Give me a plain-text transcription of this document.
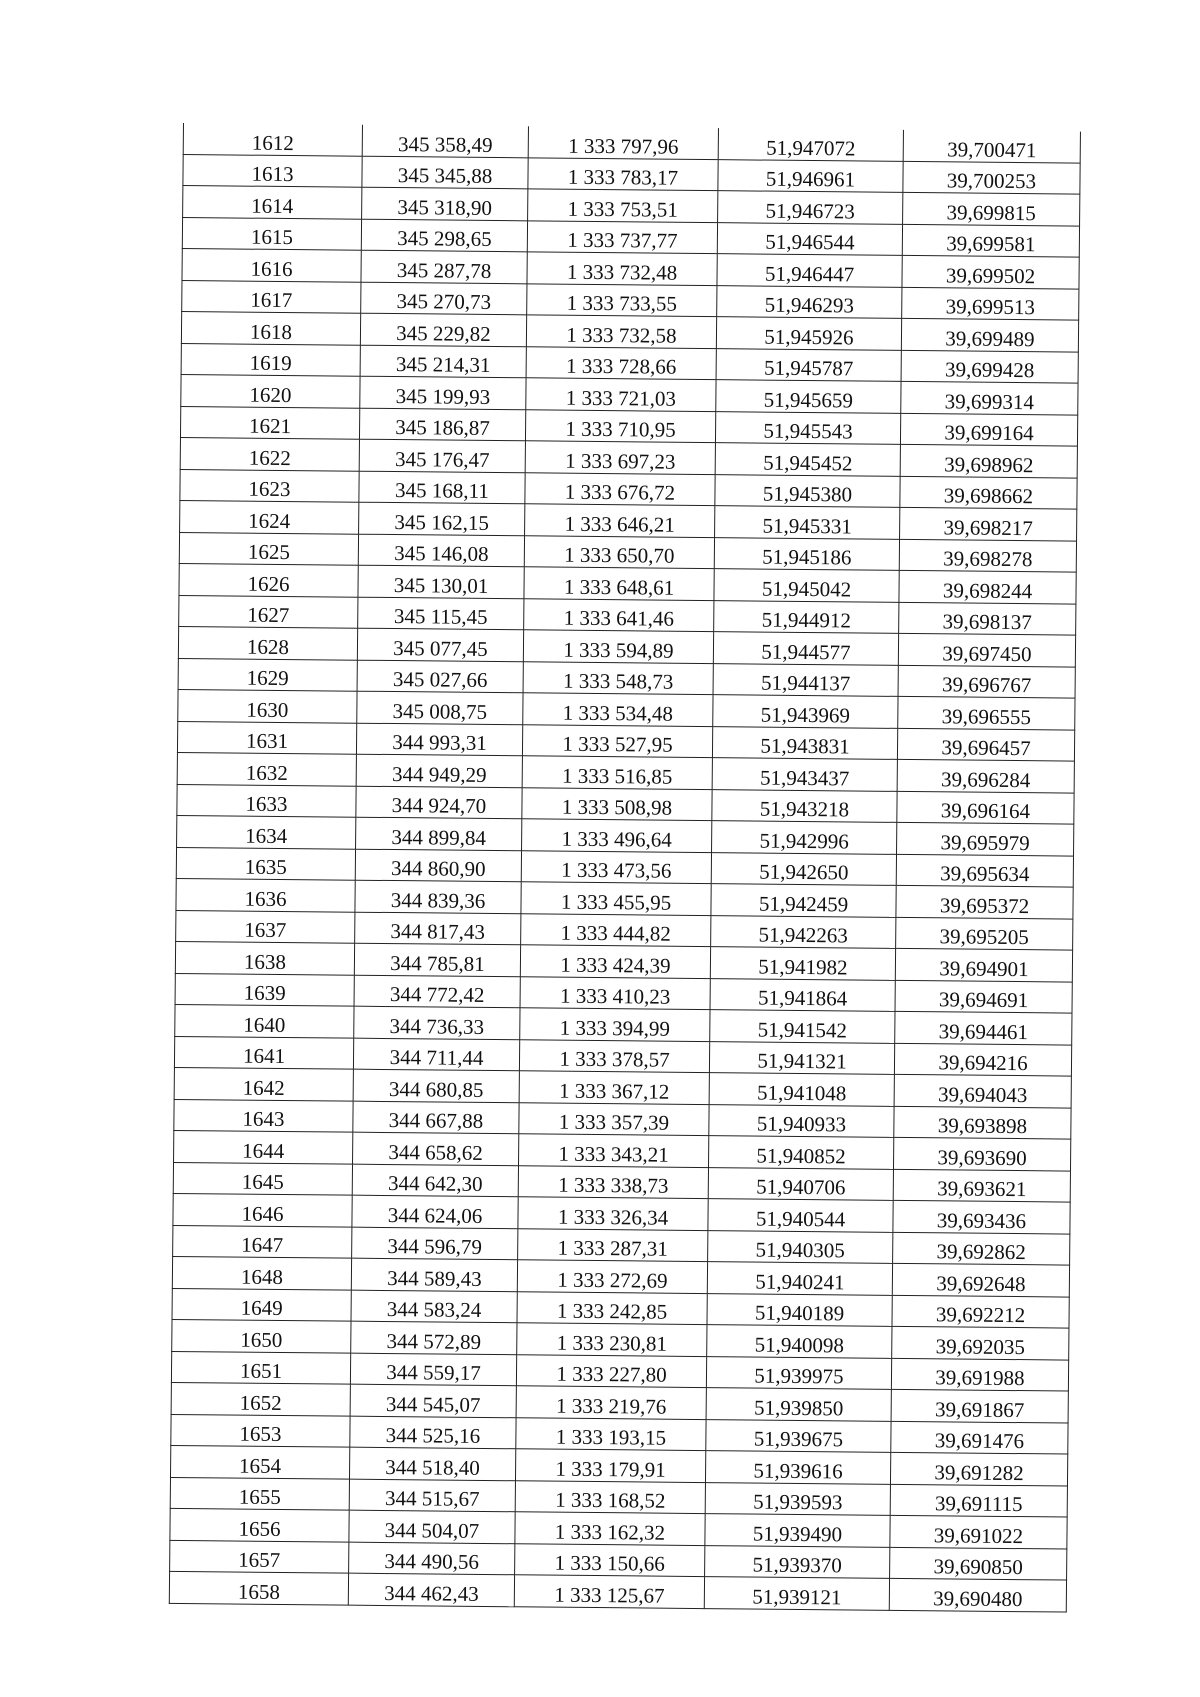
1612	345 358,49	1 333 797,96	51,947072	39,700471
1613	345 345,88	1 333 783,17	51,946961	39,700253
1614	345 318,90	1 333 753,51	51,946723	39,699815
1615	345 298,65	1 333 737,77	51,946544	39,699581
1616	345 287,78	1 333 732,48	51,946447	39,699502
1617	345 270,73	1 333 733,55	51,946293	39,699513
1618	345 229,82	1 333 732,58	51,945926	39,699489
1619	345 214,31	1 333 728,66	51,945787	39,699428
1620	345 199,93	1 333 721,03	51,945659	39,699314
1621	345 186,87	1 333 710,95	51,945543	39,699164
1622	345 176,47	1 333 697,23	51,945452	39,698962
1623	345 168,11	1 333 676,72	51,945380	39,698662
1624	345 162,15	1 333 646,21	51,945331	39,698217
1625	345 146,08	1 333 650,70	51,945186	39,698278
1626	345 130,01	1 333 648,61	51,945042	39,698244
1627	345 115,45	1 333 641,46	51,944912	39,698137
1628	345 077,45	1 333 594,89	51,944577	39,697450
1629	345 027,66	1 333 548,73	51,944137	39,696767
1630	345 008,75	1 333 534,48	51,943969	39,696555
1631	344 993,31	1 333 527,95	51,943831	39,696457
1632	344 949,29	1 333 516,85	51,943437	39,696284
1633	344 924,70	1 333 508,98	51,943218	39,696164
1634	344 899,84	1 333 496,64	51,942996	39,695979
1635	344 860,90	1 333 473,56	51,942650	39,695634
1636	344 839,36	1 333 455,95	51,942459	39,695372
1637	344 817,43	1 333 444,82	51,942263	39,695205
1638	344 785,81	1 333 424,39	51,941982	39,694901
1639	344 772,42	1 333 410,23	51,941864	39,694691
1640	344 736,33	1 333 394,99	51,941542	39,694461
1641	344 711,44	1 333 378,57	51,941321	39,694216
1642	344 680,85	1 333 367,12	51,941048	39,694043
1643	344 667,88	1 333 357,39	51,940933	39,693898
1644	344 658,62	1 333 343,21	51,940852	39,693690
1645	344 642,30	1 333 338,73	51,940706	39,693621
1646	344 624,06	1 333 326,34	51,940544	39,693436
1647	344 596,79	1 333 287,31	51,940305	39,692862
1648	344 589,43	1 333 272,69	51,940241	39,692648
1649	344 583,24	1 333 242,85	51,940189	39,692212
1650	344 572,89	1 333 230,81	51,940098	39,692035
1651	344 559,17	1 333 227,80	51,939975	39,691988
1652	344 545,07	1 333 219,76	51,939850	39,691867
1653	344 525,16	1 333 193,15	51,939675	39,691476
1654	344 518,40	1 333 179,91	51,939616	39,691282
1655	344 515,67	1 333 168,52	51,939593	39,691115
1656	344 504,07	1 333 162,32	51,939490	39,691022
1657	344 490,56	1 333 150,66	51,939370	39,690850
1658	344 462,43	1 333 125,67	51,939121	39,690480
